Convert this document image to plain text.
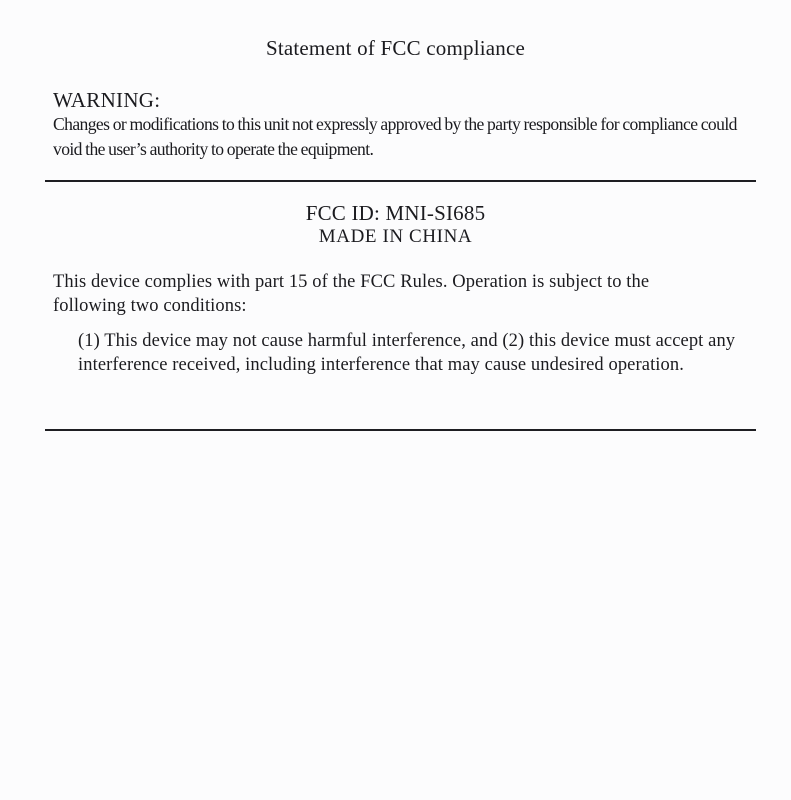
Statement of FCC compliance
WARNING:
Changes or modifications to this unit not expressly approved by the party responsible for compliance could void the user’s authority to operate the equipment.
FCC ID: MNI-SI685
MADE IN CHINA
This device complies with part 15 of the FCC Rules. Operation is subject to the following two conditions:
(1) This device may not cause harmful interference, and (2) this device must accept any interference received, including interference that may cause undesired operation.
